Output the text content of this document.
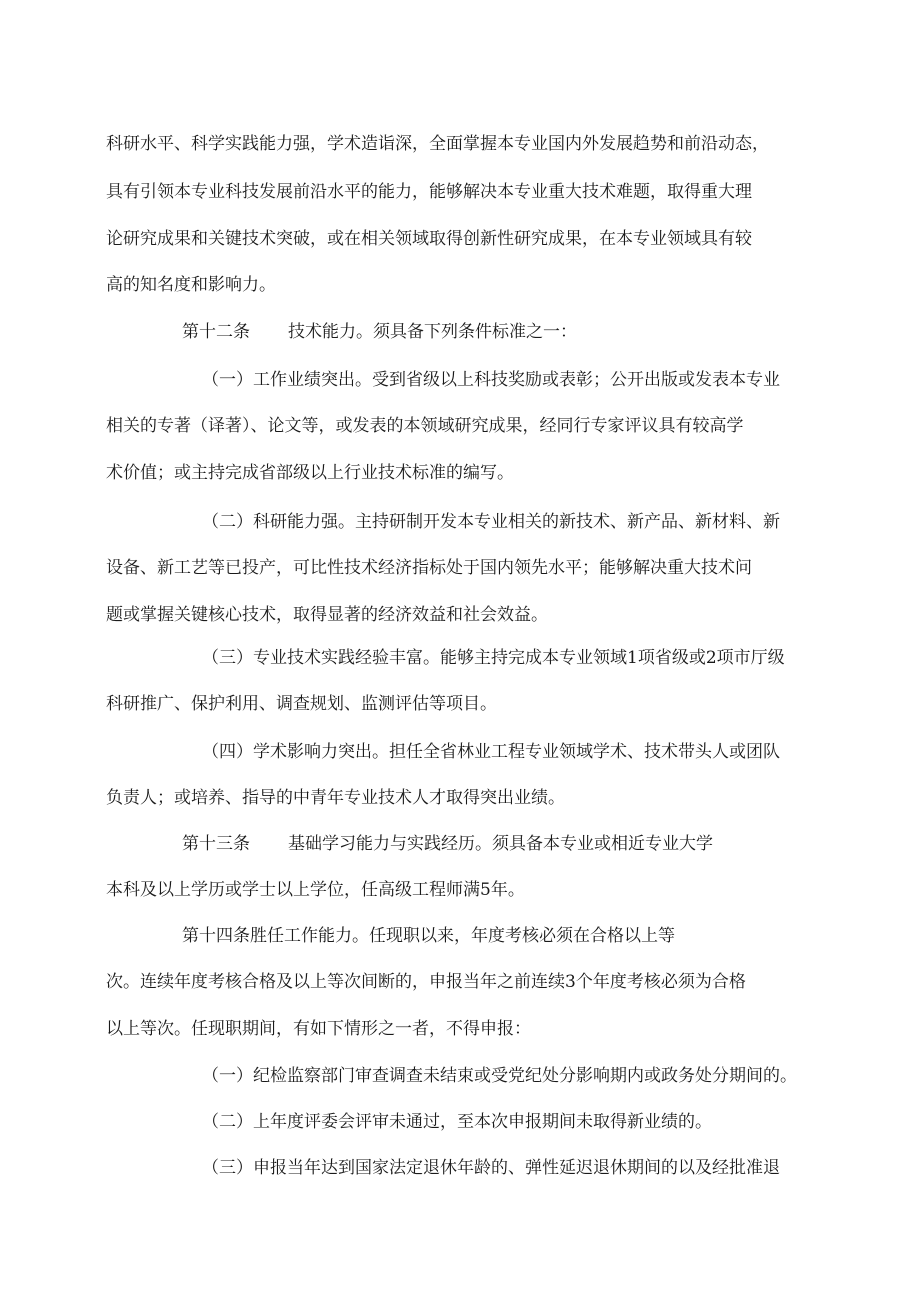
科研水平、科学实践能力强，学术造诣深，全面掌握本专业国内外发展趋势和前沿动态，
具有引领本专业科技发展前沿水平的能力，能够解决本专业重大技术难题，取得重大理
论研究成果和关键技术突破，或在相关领域取得创新性研究成果，在本专业领域具有较
高的知名度和影响力。
第十二条 技术能力。须具备下列条件标准之一：
（一）工作业绩突出。受到省级以上科技奖励或表彰；公开出版或发表本专业
相关的专著（译著）、论文等，或发表的本领域研究成果，经同行专家评议具有较高学
术价值；或主持完成省部级以上行业技术标准的编写。
（二）科研能力强。主持研制开发本专业相关的新技术、新产品、新材料、新
设备、新工艺等已投产，可比性技术经济指标处于国内领先水平；能够解决重大技术问
题或掌握关键核心技术，取得显著的经济效益和社会效益。
（三）专业技术实践经验丰富。能够主持完成本专业领域1项省级或2项市厅级
科研推广、保护利用、调查规划、监测评估等项目。
（四）学术影响力突出。担任全省林业工程专业领域学术、技术带头人或团队
负责人；或培养、指导的中青年专业技术人才取得突出业绩。
第十三条 基础学习能力与实践经历。须具备本专业或相近专业大学
本科及以上学历或学士以上学位，任高级工程师满5年。
第十四条胜任工作能力。任现职以来，年度考核必须在合格以上等
次。连续年度考核合格及以上等次间断的，申报当年之前连续3个年度考核必须为合格
以上等次。任现职期间，有如下情形之一者，不得申报：
（一）纪检监察部门审查调查未结束或受党纪处分影响期内或政务处分期间的。
（二）上年度评委会评审未通过，至本次申报期间未取得新业绩的。
（三）申报当年达到国家法定退休年龄的、弹性延迟退休期间的以及经批准退
